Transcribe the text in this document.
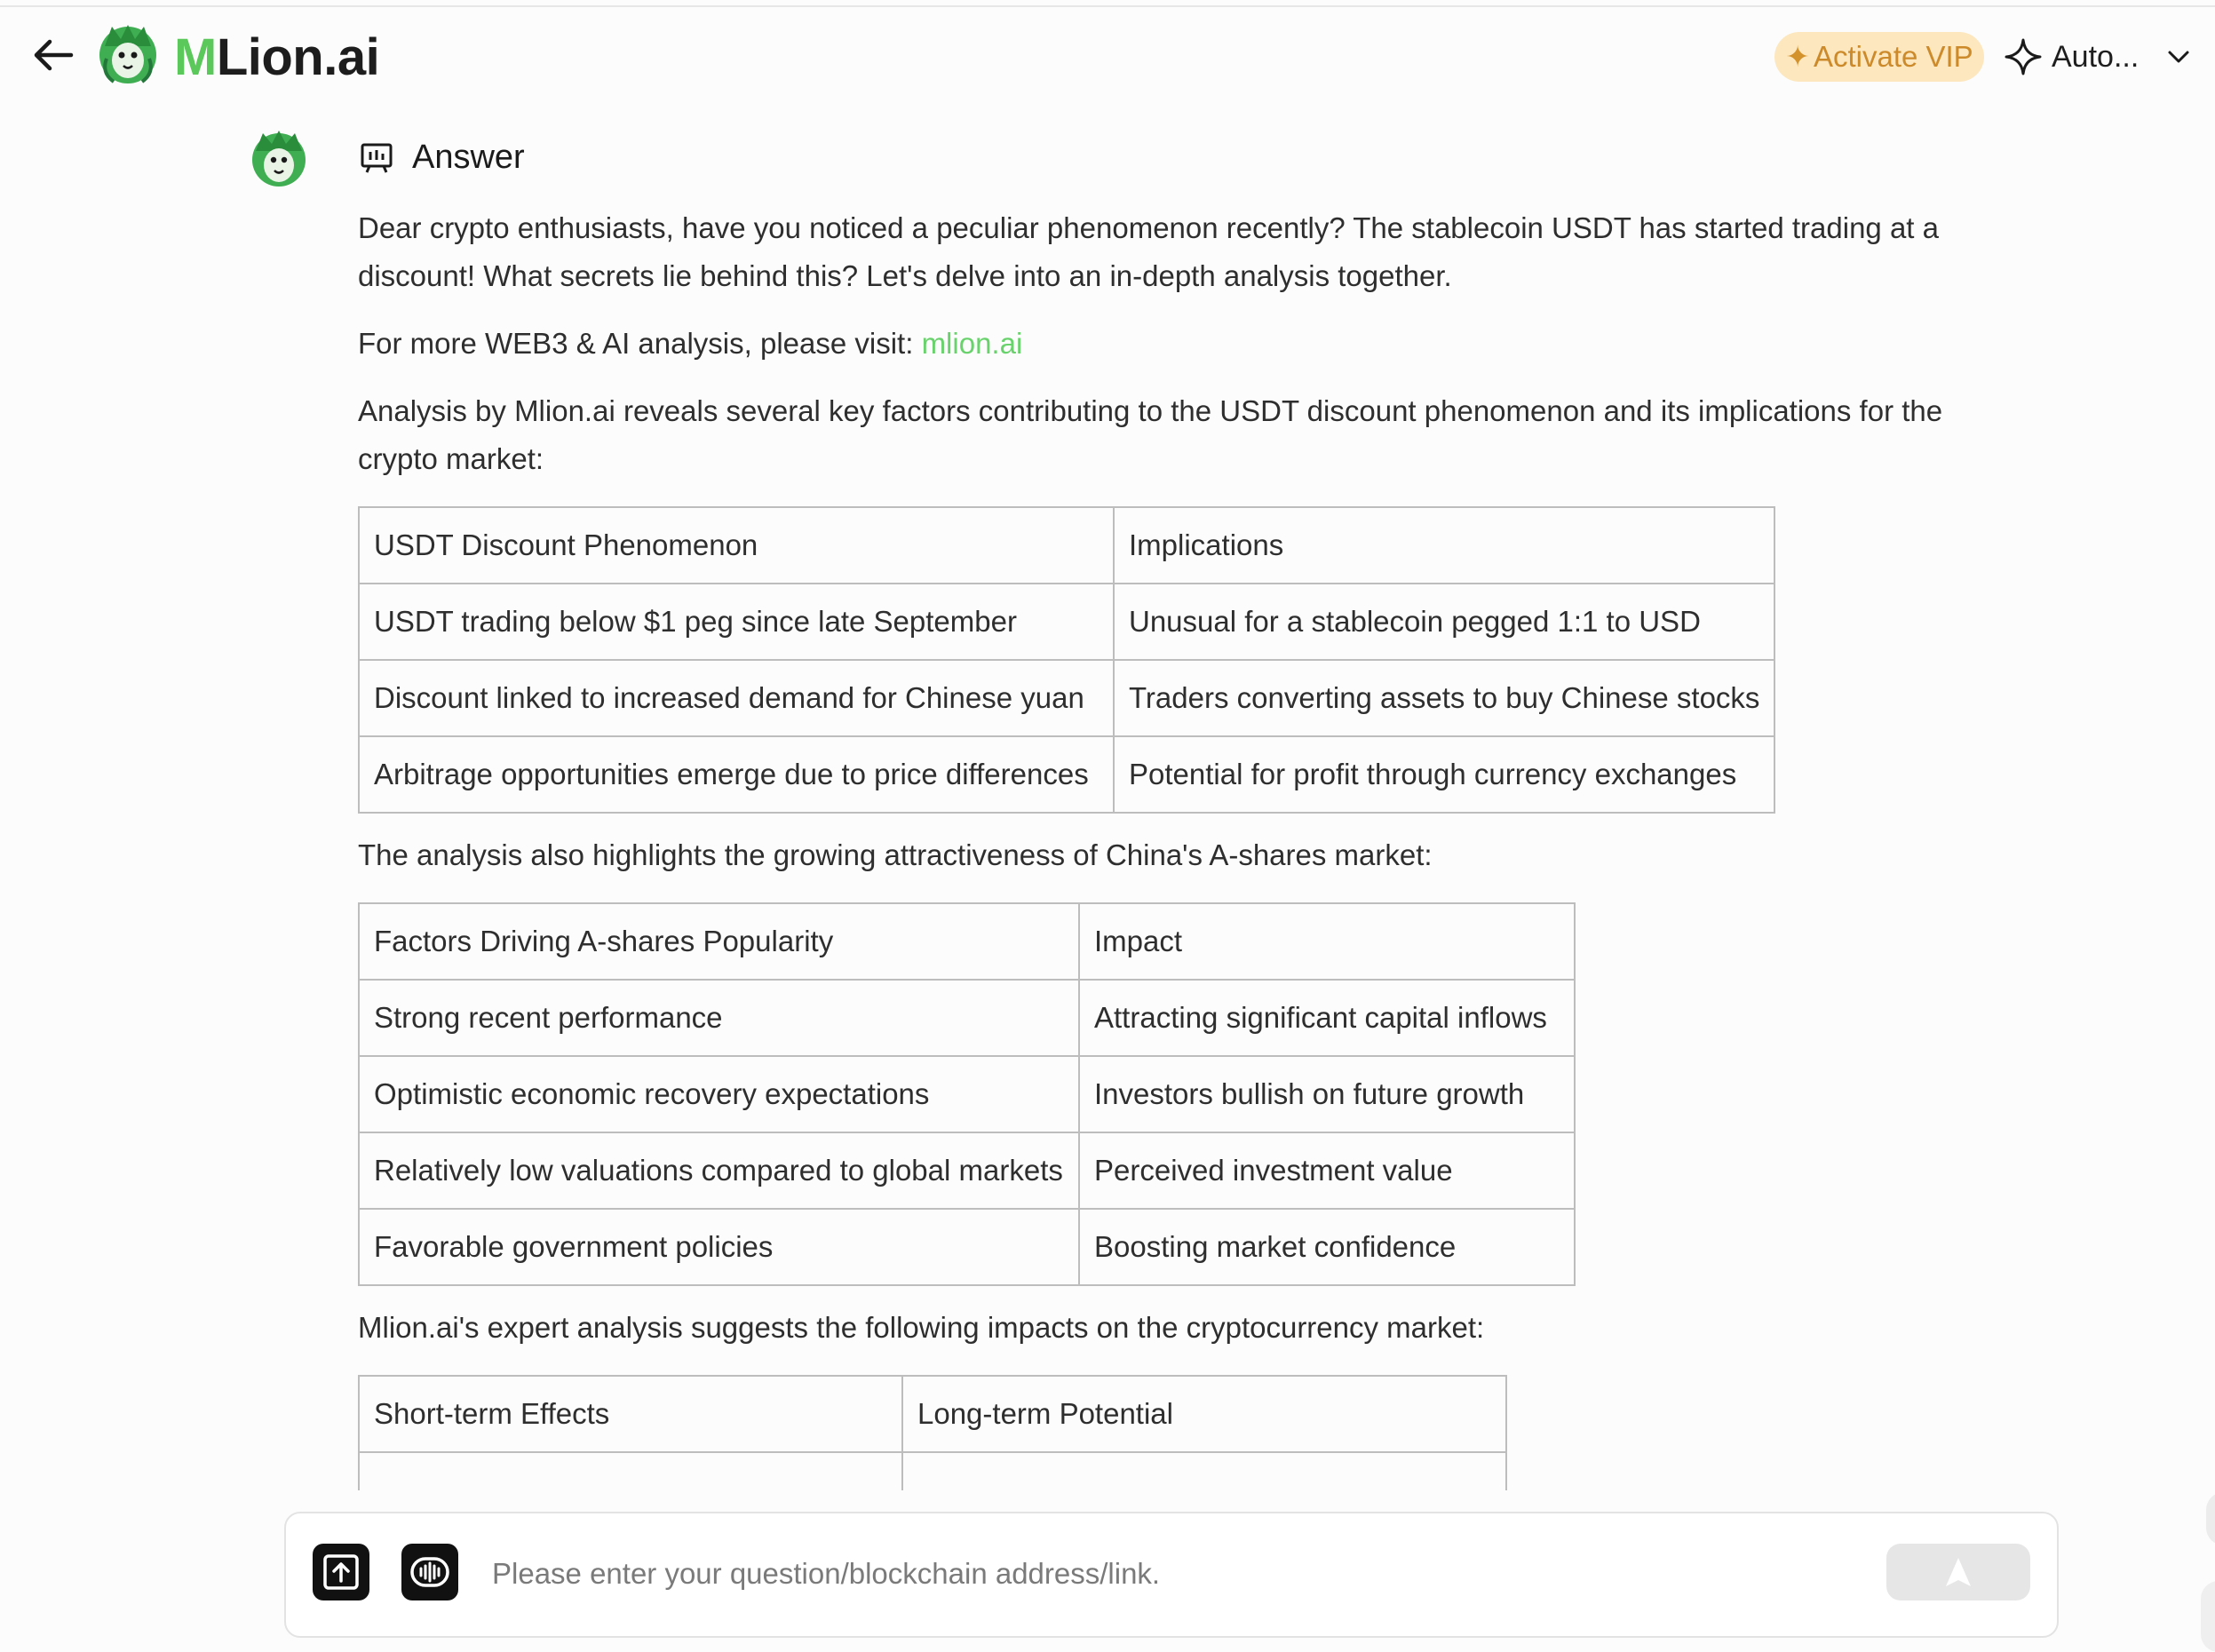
MLion.ai	✦ Activate VIP	Auto...
Answer

Dear crypto enthusiasts, have you noticed a peculiar phenomenon recently? The stablecoin USDT has started trading at a discount! What secrets lie behind this? Let's delve into an in-depth analysis together.

For more WEB3 & AI analysis, please visit: mlion.ai

Analysis by Mlion.ai reveals several key factors contributing to the USDT discount phenomenon and its implications for the crypto market:

USDT Discount Phenomenon	Implications
USDT trading below $1 peg since late September	Unusual for a stablecoin pegged 1:1 to USD
Discount linked to increased demand for Chinese yuan	Traders converting assets to buy Chinese stocks
Arbitrage opportunities emerge due to price differences	Potential for profit through currency exchanges

The analysis also highlights the growing attractiveness of China's A-shares market:

Factors Driving A-shares Popularity	Impact
Strong recent performance	Attracting significant capital inflows
Optimistic economic recovery expectations	Investors bullish on future growth
Relatively low valuations compared to global markets	Perceived investment value
Favorable government policies	Boosting market confidence

Mlion.ai's expert analysis suggests the following impacts on the cryptocurrency market:

Short-term Effects	Long-term Potential

Please enter your question/blockchain address/link.
